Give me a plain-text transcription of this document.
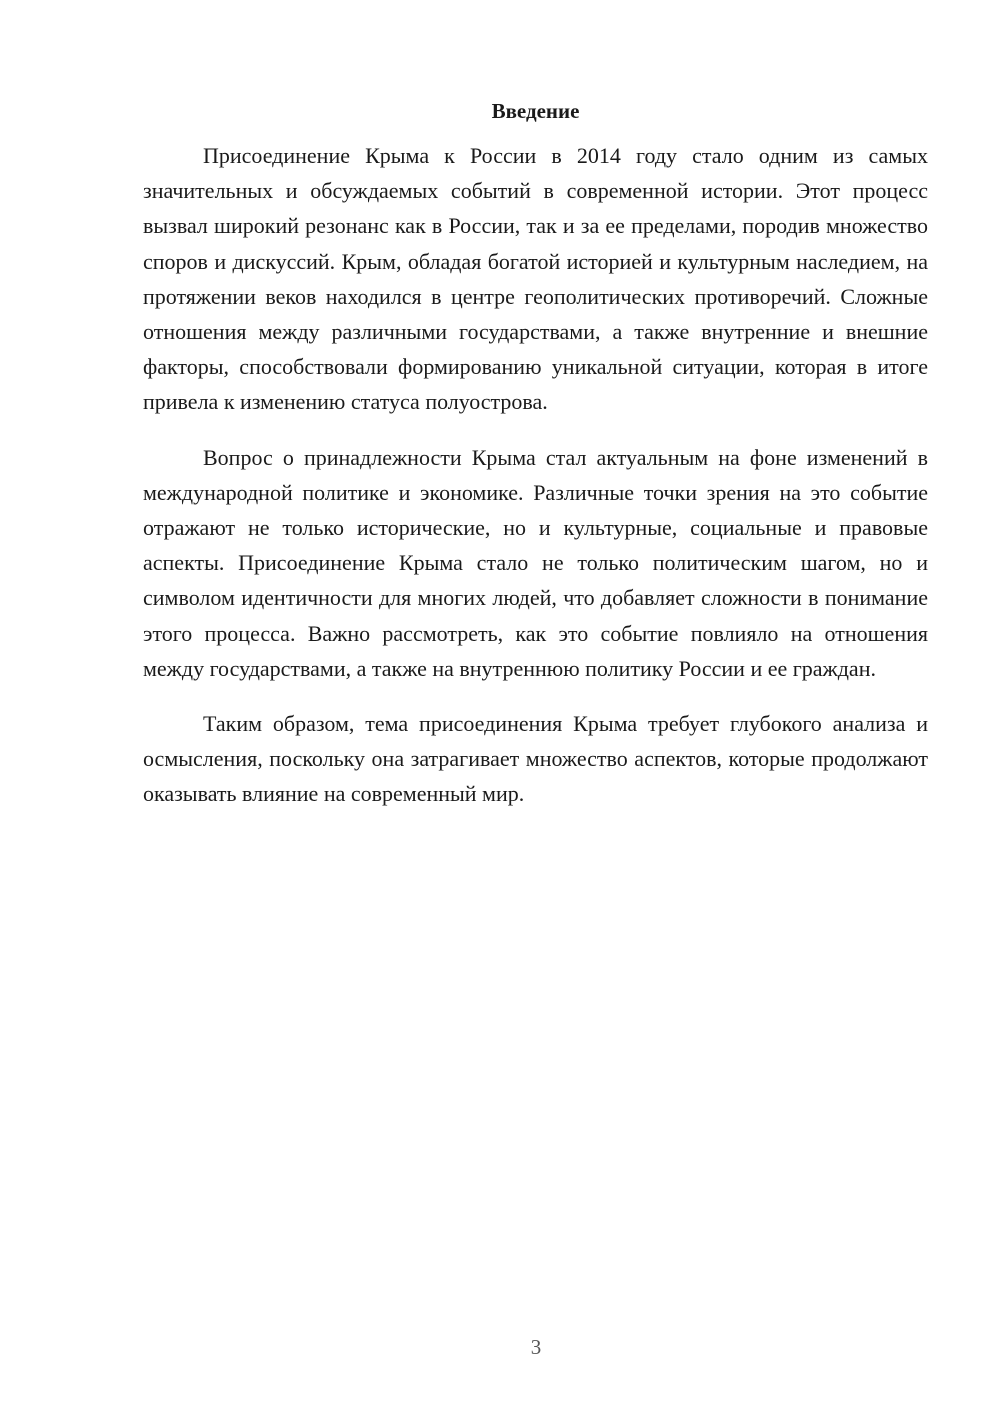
Введение

Присоединение Крыма к России в 2014 году стало одним из самых значительных и обсуждаемых событий в современной истории. Этот процесс вызвал широкий резонанс как в России, так и за ее пределами, породив множество споров и дискуссий. Крым, обладая богатой историей и культурным наследием, на протяжении веков находился в центре геополитических противоречий. Сложные отношения между различными государствами, а также внутренние и внешние факторы, способствовали формированию уникальной ситуации, которая в итоге привела к изменению статуса полуострова.

Вопрос о принадлежности Крыма стал актуальным на фоне изменений в международной политике и экономике. Различные точки зрения на это событие отражают не только исторические, но и культурные, социальные и правовые аспекты. Присоединение Крыма стало не только политическим шагом, но и символом идентичности для многих людей, что добавляет сложности в понимание этого процесса. Важно рассмотреть, как это событие повлияло на отношения между государствами, а также на внутреннюю политику России и ее граждан.

Таким образом, тема присоединения Крыма требует глубокого анализа и осмысления, поскольку она затрагивает множество аспектов, которые продолжают оказывать влияние на современный мир.

3
